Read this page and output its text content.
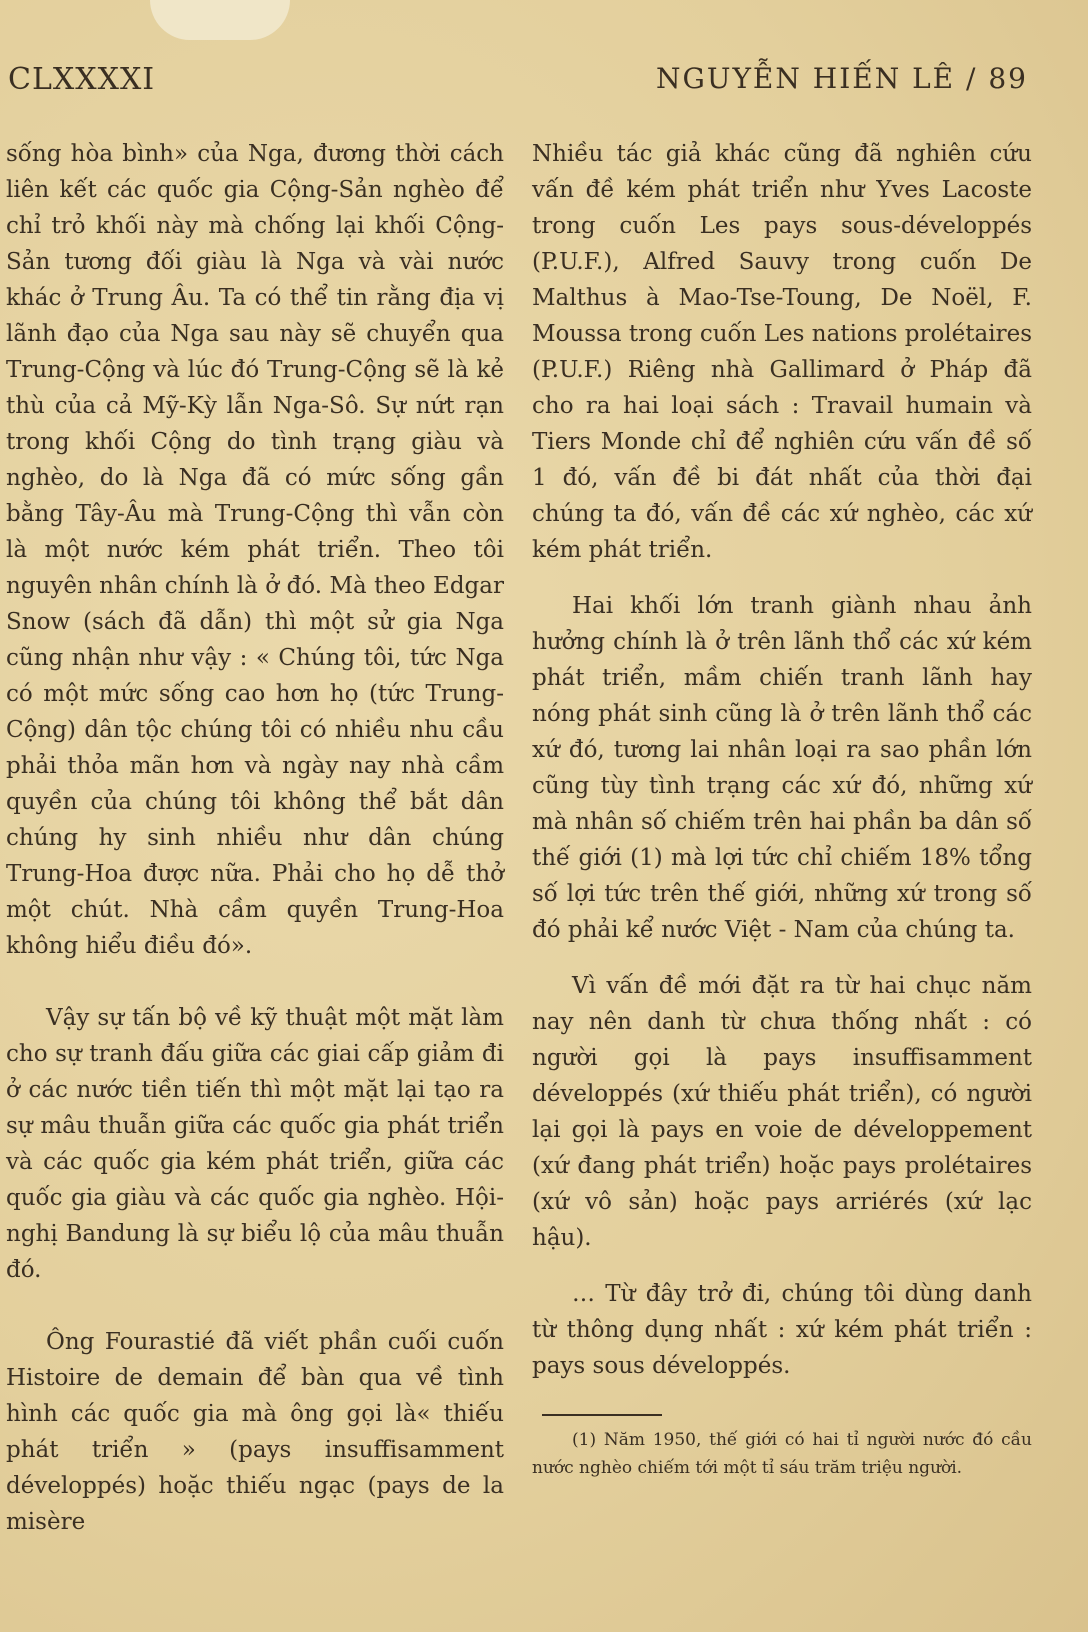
CLXXXXI	NGUYỄN HIẾN LÊ / 89

sống hòa bình» của Nga, đương thời cách liên kết các quốc gia Cộng-Sản nghèo để chỉ trỏ khối này mà chống lại khối Cộng-Sản tương đối giàu là Nga và vài nước khác ở Trung Âu. Ta có thể tin rằng địa vị lãnh đạo của Nga sau này sẽ chuyển qua Trung-Cộng và lúc đó Trung-Cộng sẽ là kẻ thù của cả Mỹ-Kỳ lẫn Nga-Sô. Sự nứt rạn trong khối Cộng do tình trạng giàu và nghèo, do là Nga đã có mức sống gần bằng Tây-Âu mà Trung-Cộng thì vẫn còn là một nước kém phát triển. Theo tôi nguyên nhân chính là ở đó. Mà theo Edgar Snow (sách đã dẫn) thì một sử gia Nga cũng nhận như vậy : « Chúng tôi, tức Nga có một mức sống cao hơn họ (tức Trung-Cộng) dân tộc chúng tôi có nhiều nhu cầu phải thỏa mãn hơn và ngày nay nhà cầm quyền của chúng tôi không thể bắt dân chúng hy sinh nhiều như dân chúng Trung-Hoa được nữa. Phải cho họ dễ thở một chút. Nhà cầm quyền Trung-Hoa không hiểu điều đó».

Vậy sự tấn bộ về kỹ thuật một mặt làm cho sự tranh đấu giữa các giai cấp giảm đi ở các nước tiền tiến thì một mặt lại tạo ra sự mâu thuẫn giữa các quốc gia phát triển và các quốc gia kém phát triển, giữa các quốc gia giàu và các quốc gia nghèo. Hội-nghị Bandung là sự biểu lộ của mâu thuẫn đó.

Ông Fourastié đã viết phần cuối cuốn Histoire de demain để bàn qua về tình hình các quốc gia mà ông gọi là« thiếu phát triển » (pays insuffisamment développés) hoặc thiếu ngạc (pays de la misère

Nhiều tác giả khác cũng đã nghiên cứu vấn đề kém phát triển như Yves Lacoste trong cuốn Les pays sous-développés (P.U.F.), Alfred Sauvy trong cuốn De Malthus à Mao-Tse-Toung, De Noël, F. Moussa trong cuốn Les nations prolétaires (P.U.F.) Riêng nhà Gallimard ở Pháp đã cho ra hai loại sách : Travail humain và Tiers Monde chỉ để nghiên cứu vấn đề số 1 đó, vấn đề bi đát nhất của thời đại chúng ta đó, vấn đề các xứ nghèo, các xứ kém phát triển.

Hai khối lớn tranh giành nhau ảnh hưởng chính là ở trên lãnh thổ các xứ kém phát triển, mầm chiến tranh lãnh hay nóng phát sinh cũng là ở trên lãnh thổ các xứ đó, tương lai nhân loại ra sao phần lớn cũng tùy tình trạng các xứ đó, những xứ mà nhân số chiếm trên hai phần ba dân số thế giới (1) mà lợi tức chỉ chiếm 18% tổng số lợi tức trên thế giới, những xứ trong số đó phải kể nước Việt - Nam của chúng ta.

Vì vấn đề mới đặt ra từ hai chục năm nay nên danh từ chưa thống nhất : có người gọi là pays insuffisamment développés (xứ thiếu phát triển), có người lại gọi là pays en voie de développement (xứ đang phát triển) hoặc pays prolétaires (xứ vô sản) hoặc pays arriérés (xứ lạc hậu).

… Từ đây trở đi, chúng tôi dùng danh từ thông dụng nhất : xứ kém phát triển : pays sous développés.

(1) Năm 1950, thế giới có hai tỉ người nước đó cầu nước nghèo chiếm tới một tỉ sáu trăm triệu người.
